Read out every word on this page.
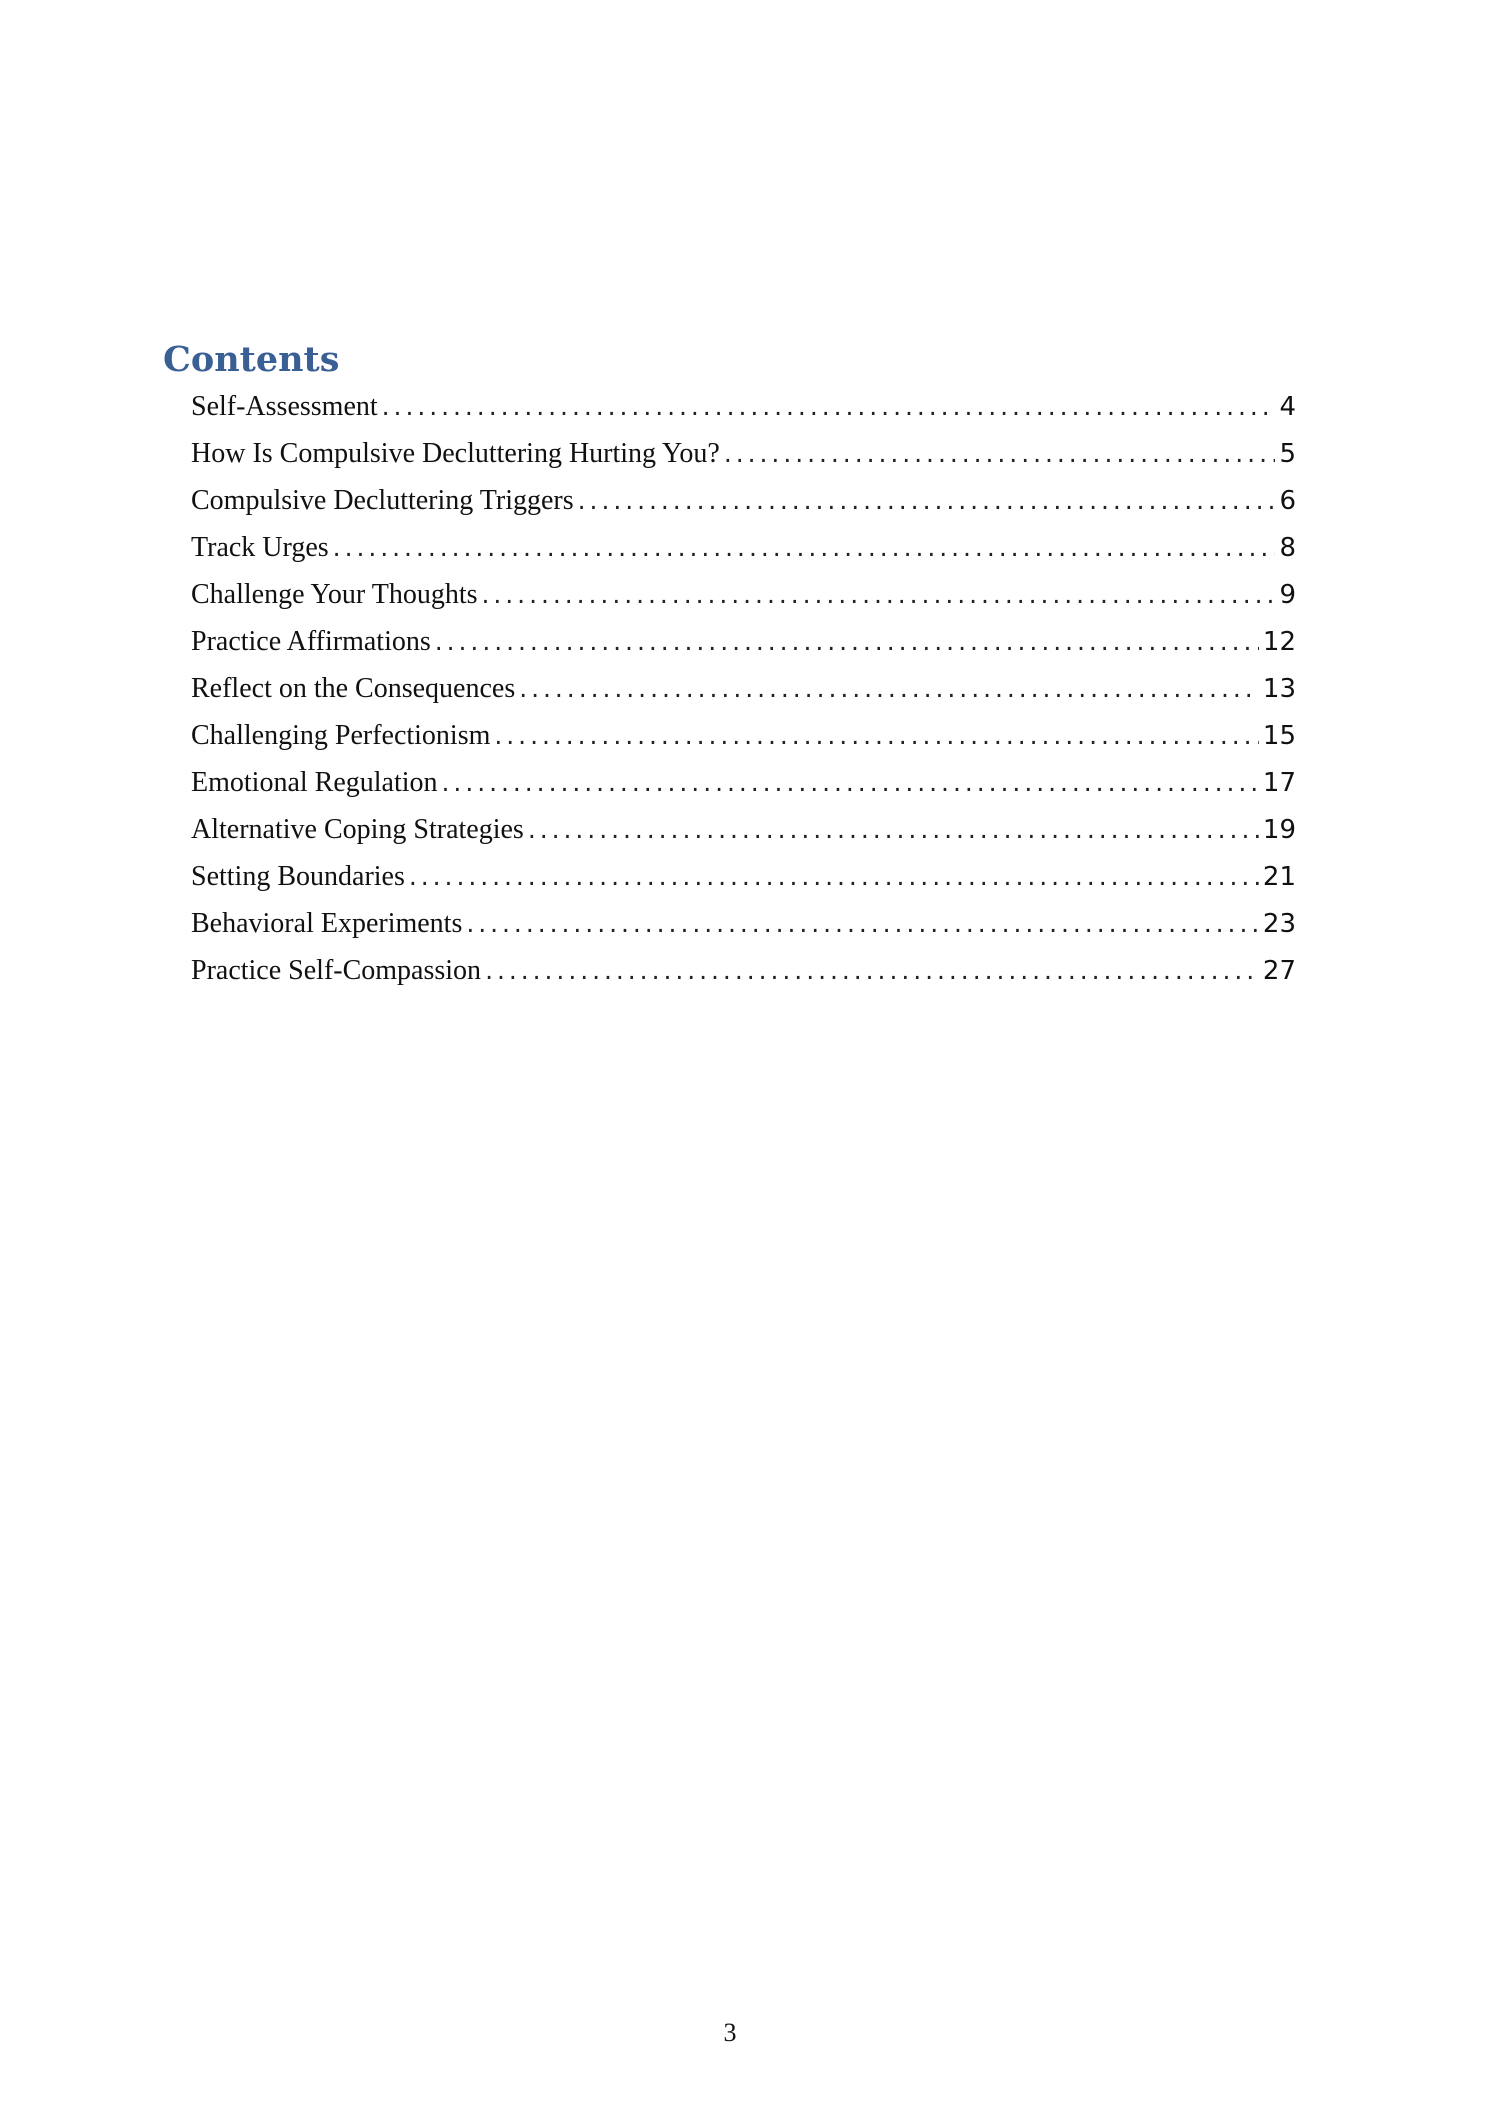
Contents
Self-Assessment . . .	4
How Is Compulsive Decluttering Hurting You? . . .	5
Compulsive Decluttering Triggers . . .	6
Track Urges . . .	8
Challenge Your Thoughts . . .	9
Practice Affirmations . . .	12
Reflect on the Consequences . . .	13
Challenging Perfectionism . . .	15
Emotional Regulation . . .	17
Alternative Coping Strategies . . .	19
Setting Boundaries . . .	21
Behavioral Experiments . . .	23
Practice Self-Compassion . . .	27
3
